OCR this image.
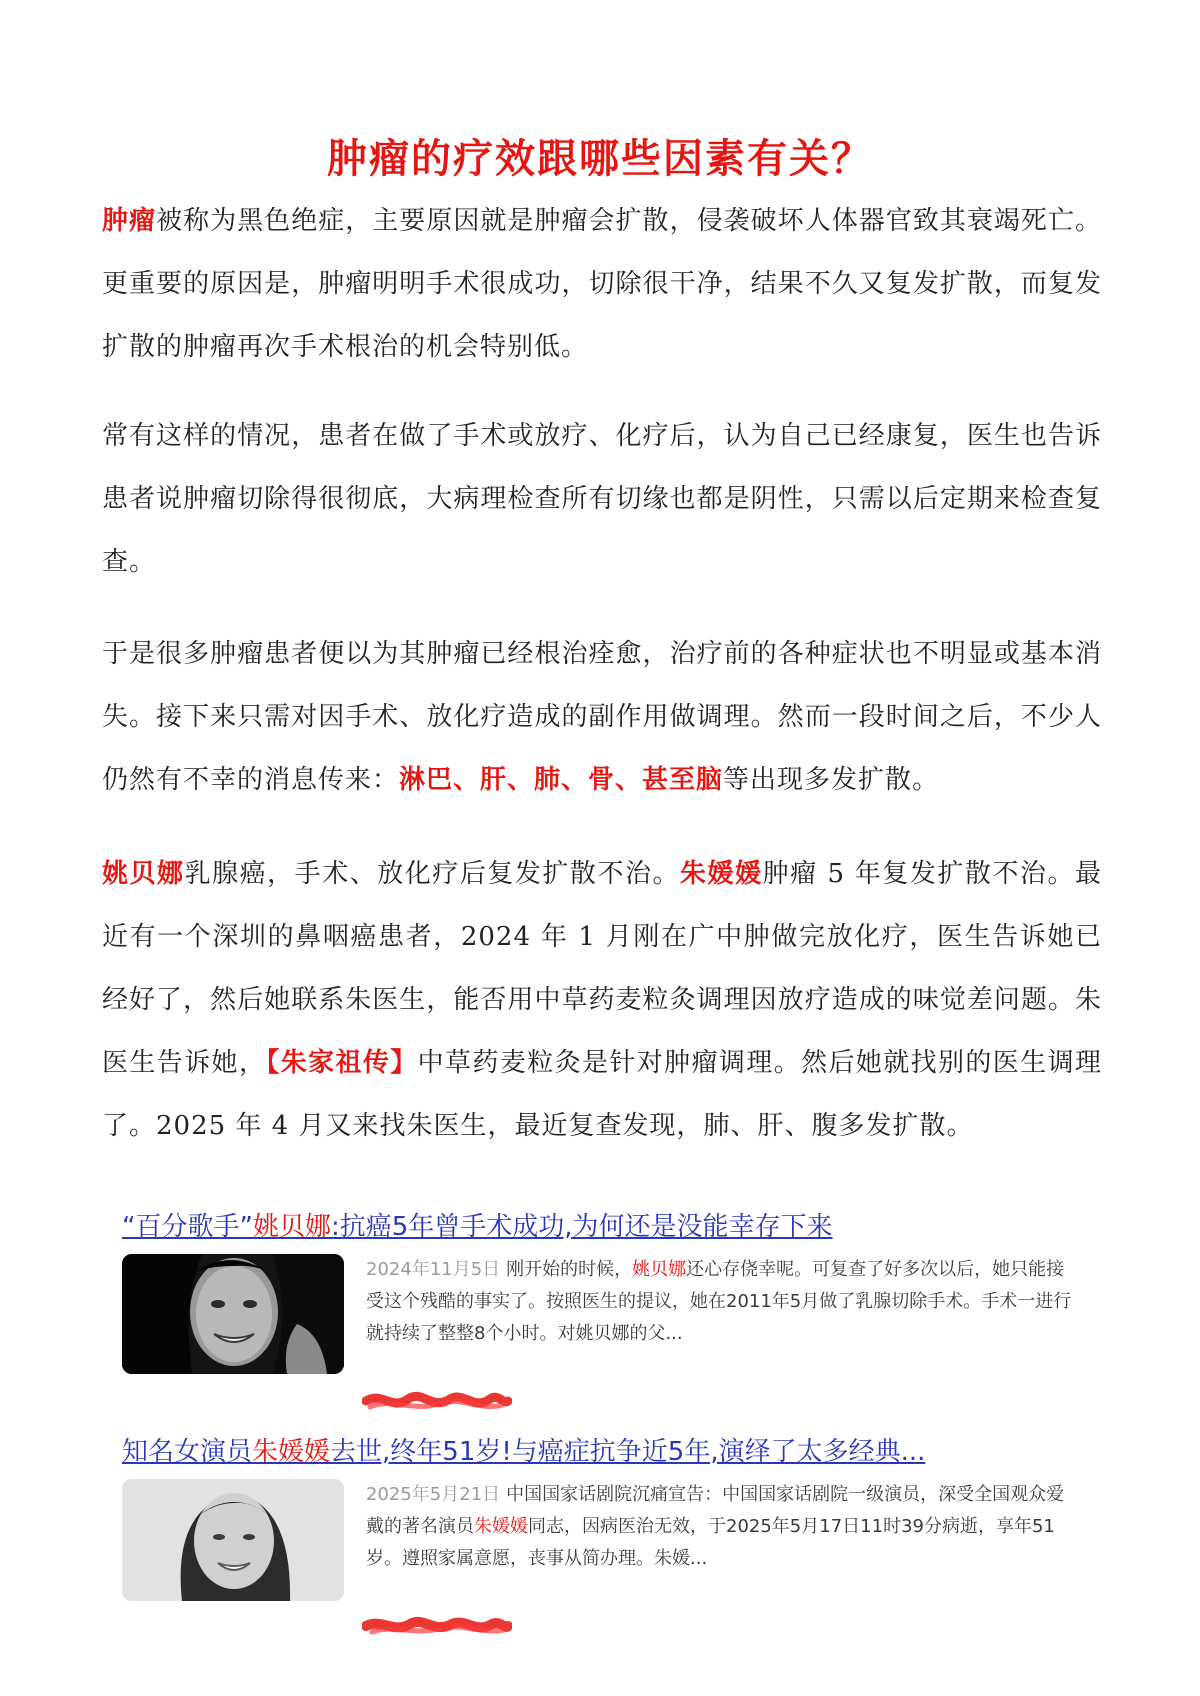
肿瘤的疗效跟哪些因素有关？

肿瘤被称为黑色绝症，主要原因就是肿瘤会扩散，侵袭破坏人体器官致其衰竭死亡。更重要的原因是，肿瘤明明手术很成功，切除很干净，结果不久又复发扩散，而复发扩散的肿瘤再次手术根治的机会特别低。

常有这样的情况，患者在做了手术或放疗、化疗后，认为自己已经康复，医生也告诉患者说肿瘤切除得很彻底，大病理检查所有切缘也都是阴性，只需以后定期来检查复查。

于是很多肿瘤患者便以为其肿瘤已经根治痊愈，治疗前的各种症状也不明显或基本消失。接下来只需对因手术、放化疗造成的副作用做调理。然而一段时间之后，不少人仍然有不幸的消息传来：淋巴、肝、肺、骨、甚至脑等出现多发扩散。

姚贝娜乳腺癌，手术、放化疗后复发扩散不治。朱媛媛肿瘤 5 年复发扩散不治。最近有一个深圳的鼻咽癌患者，2024 年 1 月刚在广中肿做完放化疗，医生告诉她已经好了，然后她联系朱医生，能否用中草药麦粒灸调理因放疗造成的味觉差问题。朱医生告诉她，【朱家祖传】中草药麦粒灸是针对肿瘤调理。然后她就找别的医生调理了。2025 年 4 月又来找朱医生，最近复查发现，肺、肝、腹多发扩散。

“百分歌手”姚贝娜:抗癌5年曾手术成功,为何还是没能幸存下来

2024年11月5日 刚开始的时候，姚贝娜还心存侥幸呢。可复查了好多次以后，她只能接受这个残酷的事实了。按照医生的提议，她在2011年5月做了乳腺切除手术。手术一进行就持续了整整8个小时。对姚贝娜的父...

知名女演员朱媛媛去世,终年51岁!与癌症抗争近5年,演绎了太多经典...

2025年5月21日 中国国家话剧院沉痛宣告：中国国家话剧院一级演员，深受全国观众爱戴的著名演员朱媛媛同志，因病医治无效，于2025年5月17日11时39分病逝，享年51岁。遵照家属意愿，丧事从简办理。朱媛...
